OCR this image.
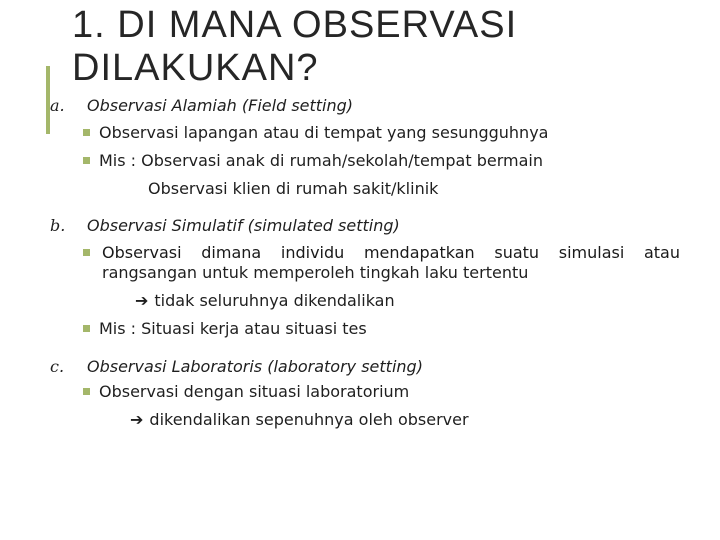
1. DI MANA OBSERVASI
DILAKUKAN?
a. Observasi Alamiah (Field setting)
Observasi lapangan atau di tempat yang sesungguhnya
Mis : Observasi anak di rumah/sekolah/tempat bermain
Observasi klien di rumah sakit/klinik
b. Observasi Simulatif (simulated setting)
Observasi dimana individu mendapatkan suatu simulasi atau
rangsangan untuk memperoleh tingkah laku tertentu
➔ tidak seluruhnya dikendalikan
Mis : Situasi kerja atau situasi tes
c. Observasi Laboratoris (laboratory setting)
Observasi dengan situasi laboratorium
➔ dikendalikan sepenuhnya oleh observer
